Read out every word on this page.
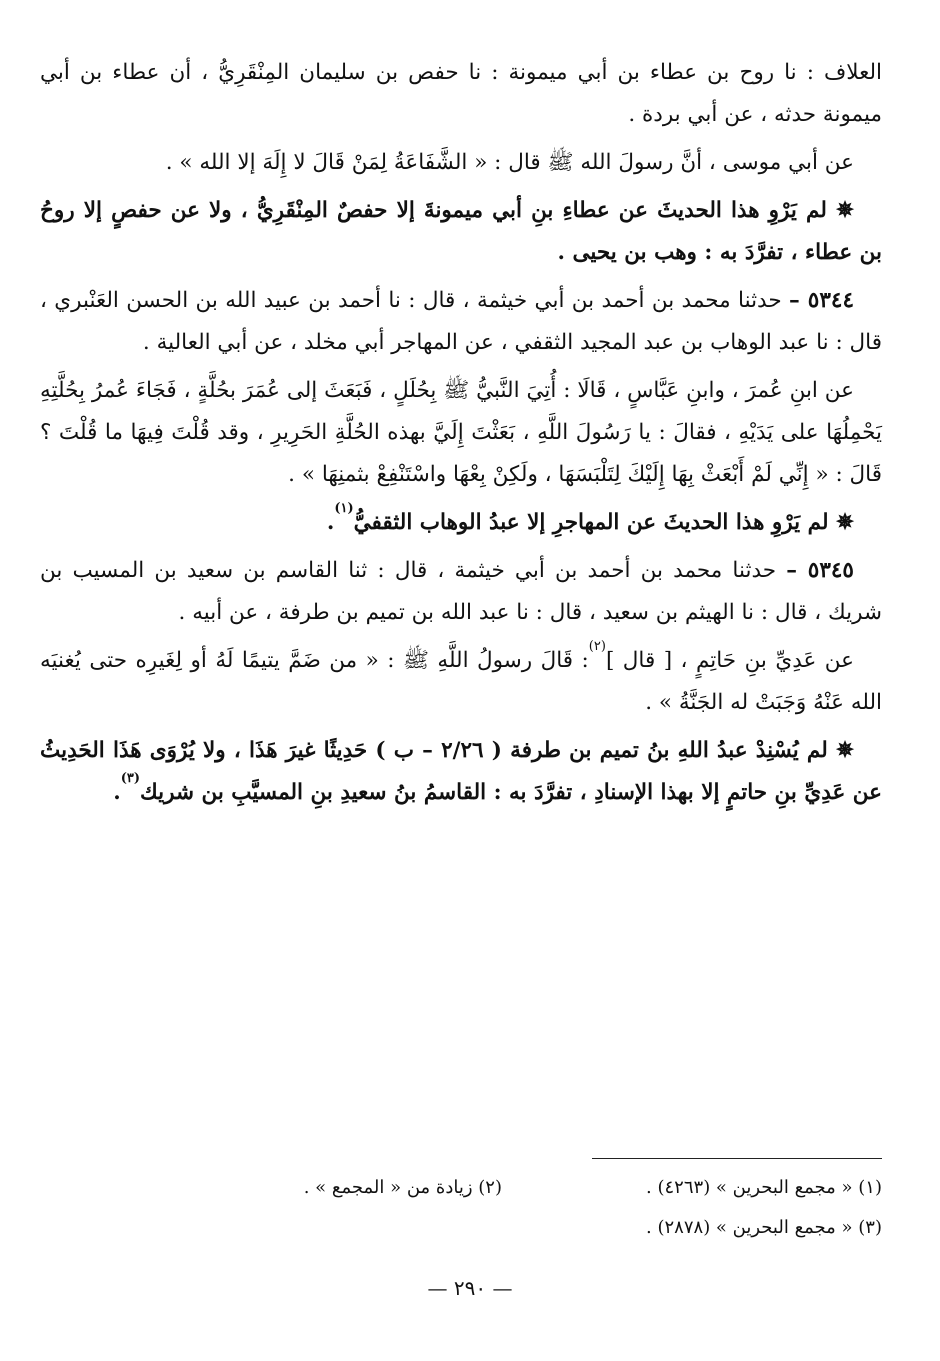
العلاف : نا روح بن عطاء بن أبي ميمونة : نا حفص بن سليمان المِنْقَرِيُّ ، أن عطاء بن أبي ميمونة حدثه ، عن أبي بردة .

عن أبي موسى ، أنَّ رسولَ الله ﷺ قال : « الشَّفَاعَةُ لِمَنْ قَالَ لا إِلَهَ إلا الله » .

✵ لم يَرْوِ هذا الحديثَ عن عطاءِ بنِ أبي ميمونةَ إلا حفصٌ المِنْقَرِيُّ ، ولا عن حفصٍ إلا روحُ بن عطاء ، تفرَّدَ به : وهب بن يحيى .

٥٣٤٤ – حدثنا محمد بن أحمد بن أبي خيثمة ، قال : نا أحمد بن عبيد الله بن الحسن العَنْبري ، قال : نا عبد الوهاب بن عبد المجيد الثقفي ، عن المهاجر أبي مخلد ، عن أبي العالية .

عن ابنِ عُمرَ ، وابنِ عَبَّاسٍ ، قَالَا : أُتِيَ النَّبيُّ ﷺ بِحُلَلٍ ، فَبَعَثَ إلى عُمَرَ بحُلَّةٍ ، فَجَاءَ عُمرُ بِحُلَّتِهِ يَحْمِلُهَا على يَدَيْهِ ، فقالَ : يا رَسُولَ اللَّهِ ، بَعَثْتَ إِلَيَّ بهذه الحُلَّةِ الحَرِيرِ ، وقد قُلْتَ فِيهَا ما قُلْتَ ؟ قَالَ : « إِنِّي لَمْ أَبْعَثْ بِهَا إِلَيْكَ لِتَلْبَسَهَا ، ولَكِنْ بِعْهَا واسْتَنْفِعْ بثمنِهَا » .

✵ لم يَرْوِ هذا الحديثَ عن المهاجرِ إلا عبدُ الوهاب الثقفيُّ$^{(١)}$.

٥٣٤٥ – حدثنا محمد بن أحمد بن أبي خيثمة ، قال : ثنا القاسم بن سعيد بن المسيب بن شريك ، قال : نا الهيثم بن سعيد ، قال : نا عبد الله بن تميم بن طرفة ، عن أبيه .

عن عَدِيِّ بنِ حَاتِمٍ ، [ قال ]$^{(٢)}$: قَالَ رسولُ اللَّهِ ﷺ : « من ضَمَّ يتيمًا لَهُ أو لِغَيرِه حتى يُغنيَه الله عَنْهُ وَجَبَتْ له الجَنَّةُ » .

✵ لم يُسْنِدْ عبدُ اللهِ بنُ تميم بن طرفة ( ٢/٢٦ – ب ) حَدِيثًا غيرَ هَذَا ، ولا يُرْوَى هَذَا الحَدِيثُ عن عَدِيِّ بنِ حاتمٍ إلا بهذا الإسنادِ ، تفرَّدَ به : القاسمُ بنُ سعيدِ بنِ المسيَّبِ بن شريك$^{(٣)}$.

(١) « مجمع البحرين » (٤٢٦٣) .
(٢) زيادة من « المجمع » .
(٣) « مجمع البحرين » (٢٨٧٨) .
— ٢٩٠ —
